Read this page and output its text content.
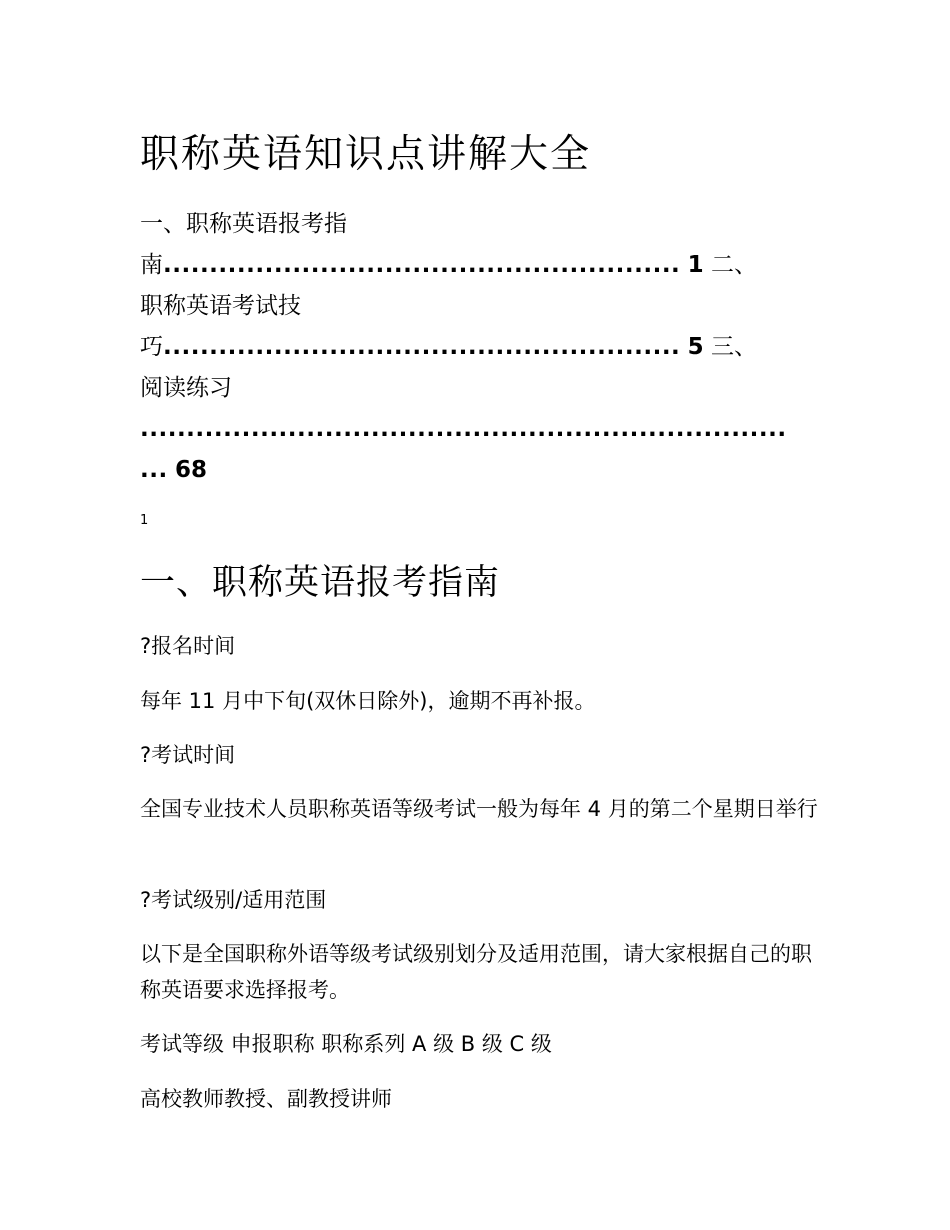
职称英语知识点讲解大全
一、职称英语报考指
南........................................................ 1 二、
职称英语考试技
巧........................................................ 5 三、
阅读练习
......................................................................
... 68
1
一、职称英语报考指南
?报名时间
每年 11 月中下旬(双休日除外)，逾期不再补报。
?考试时间
全国专业技术人员职称英语等级考试一般为每年 4 月的第二个星期日举行
?考试级别/适用范围
以下是全国职称外语等级考试级别划分及适用范围，请大家根据自己的职称英语要求选择报考。
考试等级 申报职称 职称系列 A 级 B 级 C 级
高校教师教授、副教授讲师
